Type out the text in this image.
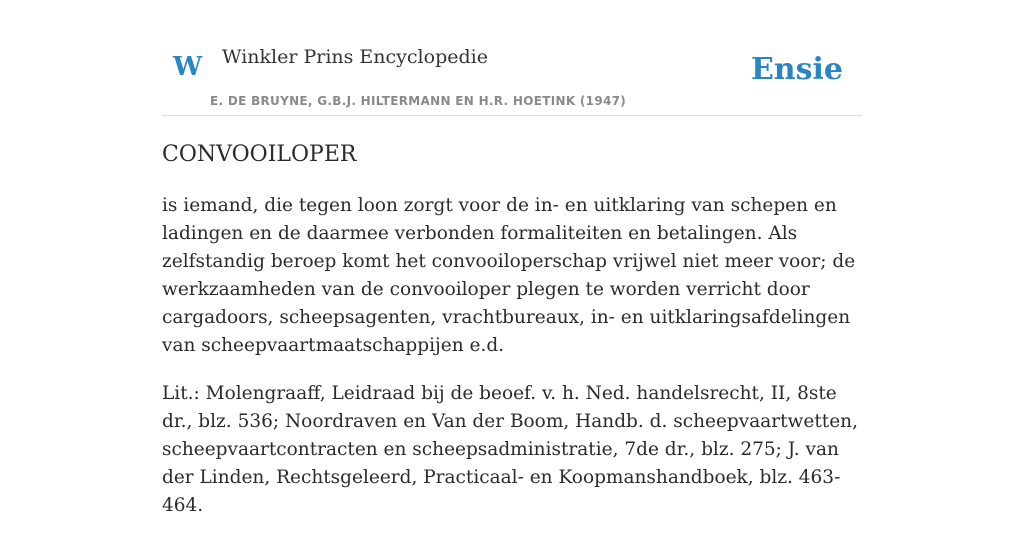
W Winkler Prins Encyclopedie
E. DE BRUYNE, G.B.J. HILTERMANN EN H.R. HOETINK (1947)
Ensie
CONVOOILOPER

is iemand, die tegen loon zorgt voor de in- en uitklaring van schepen en ladingen en de daarmee verbonden formaliteiten en betalingen. Als zelfstandig beroep komt het convooiloperschap vrijwel niet meer voor; de werkzaamheden van de convooiloper plegen te worden verricht door cargadoors, scheepsagenten, vrachtbureaux, in- en uitklaringsafdelingen van scheepvaartmaatschappijen e.d.

Lit.: Molengraaff, Leidraad bij de beoef. v. h. Ned. handelsrecht, II, 8ste dr., blz. 536; Noordraven en Van der Boom, Handb. d. scheepvaartwetten, scheepvaartcontracten en scheepsadministratie, 7de dr., blz. 275; J. van der Linden, Rechtsgeleerd, Practicaal- en Koopmanshandboek, blz. 463-464.
